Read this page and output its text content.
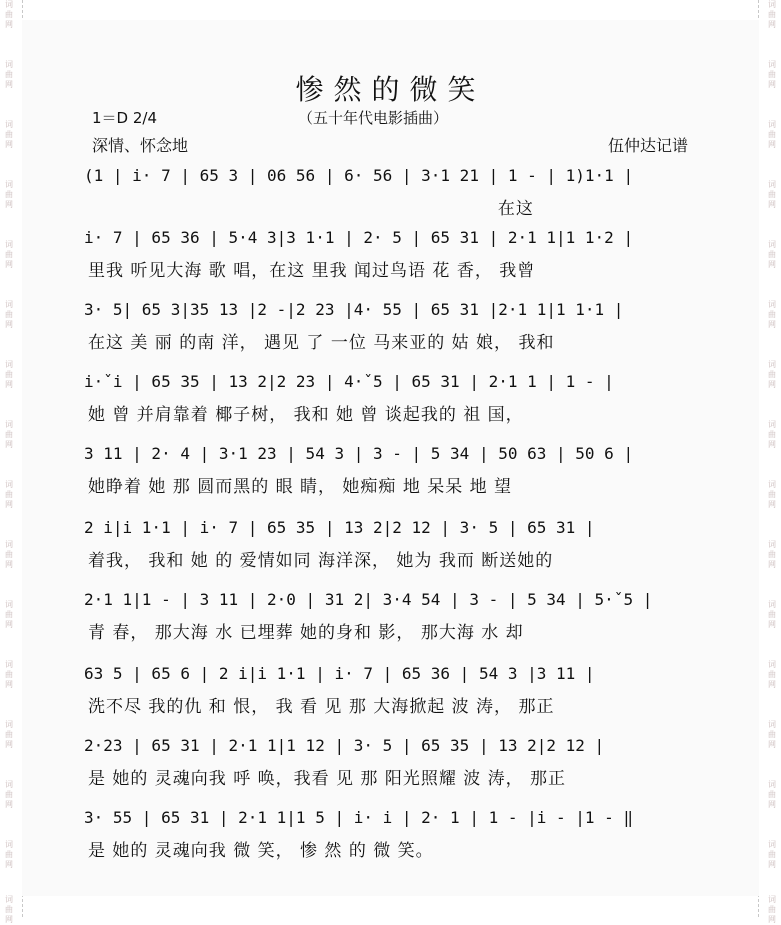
词曲网
词曲网
词曲网
词曲网
词曲网
词曲网
词曲网
词曲网
词曲网
词曲网
词曲网
词曲网
词曲网
词曲网
词曲网
词曲网
词曲网
词曲网
词曲网
词曲网
词曲网
词曲网
词曲网
词曲网
词曲网
词曲网
词曲网
词曲网
词曲网
词曲网
词曲网
词曲网
惨然的微笑
1＝D 2/4	（五十年代电影插曲）
深情、怀念地	伍仲达记谱
(1 | i· 7 | 65 3 | 06 56 | 6· 56 | 3·1 21 | 1 - | 1)1·1 |
在这
i· 7 | 65 36 | 5·4 3|3 1·1 | 2· 5 | 65 31 | 2·1 1|1 1·2 |
里我 听见大海 歌 唱，在这 里我 闻过鸟语 花 香， 我曾
3· 5| 65 3|35 13 |2 -|2 23 |4· 55 | 65 31 |2·1 1|1 1·1 |
在这 美 丽 的南 洋， 遇见 了 一位 马来亚的 姑 娘， 我和
i·ˇi | 65 35 | 13 2|2 23 | 4·ˇ5 | 65 31 | 2·1 1 | 1 - |
她 曾 并肩靠着 椰子树， 我和 她 曾 谈起我的 祖 国，
3 11 | 2· 4 | 3·1 23 | 54 3 | 3 - | 5 34 | 50 63 | 50 6 |
她睁着 她 那 圆而黑的 眼 睛， 她痴痴 地 呆呆 地 望
2 i|i 1·1 | i· 7 | 65 35 | 13 2|2 12 | 3· 5 | 65 31 |
着我， 我和 她 的 爱情如同 海洋深， 她为 我而 断送她的
2·1 1|1 - | 3 11 | 2·0 | 31 2| 3·4 54 | 3 - | 5 34 | 5·ˇ5 |
青 春， 那大海 水 已埋葬 她的身和 影， 那大海 水 却
63 5 | 65 6 | 2 i|i 1·1 | i· 7 | 65 36 | 54 3 |3 11 |
洗不尽 我的仇 和 恨， 我 看 见 那 大海掀起 波 涛， 那正
2·23 | 65 31 | 2·1 1|1 12 | 3· 5 | 65 35 | 13 2|2 12 |
是 她的 灵魂向我 呼 唤，我看 见 那 阳光照耀 波 涛， 那正
3· 55 | 65 31 | 2·1 1|1 5 | i· i | 2· 1 | 1 - |i - |1 - ‖
是 她的 灵魂向我 微 笑， 惨 然 的 微 笑。
